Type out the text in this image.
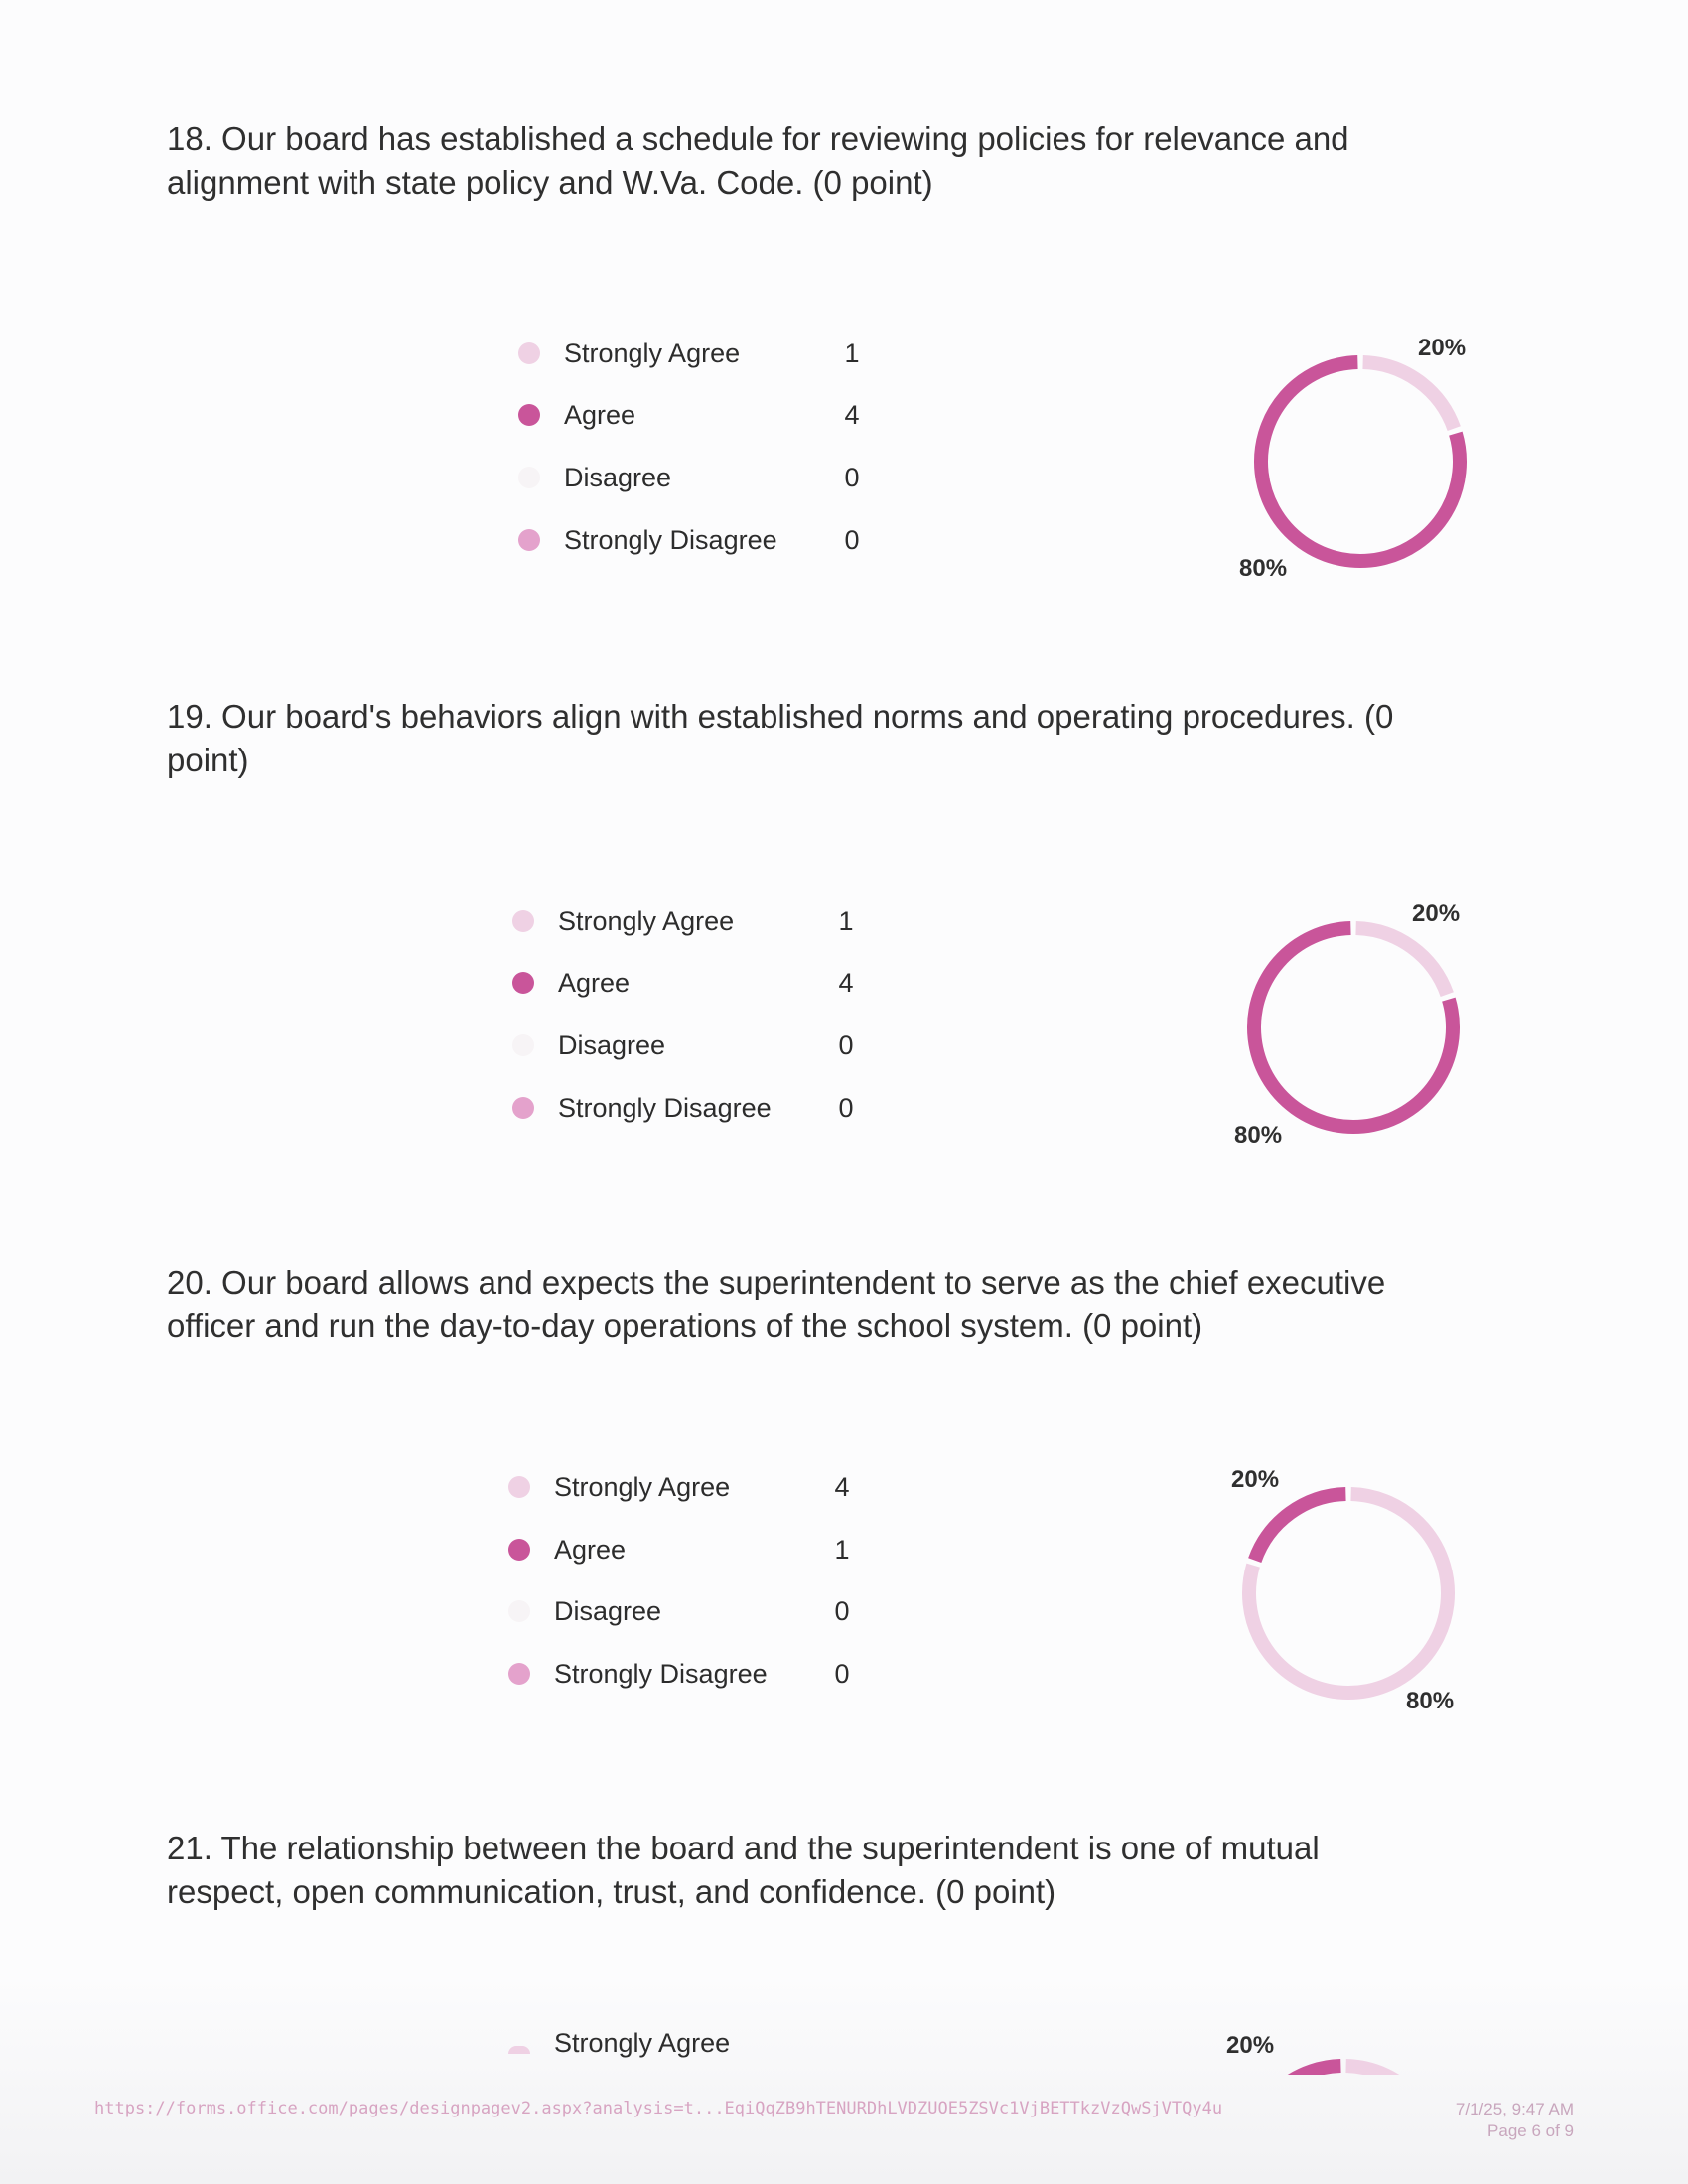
18. Our board has established a schedule for reviewing policies for relevance and alignment with state policy and W.Va. Code. (0 point)

Strongly Agree	1
Agree	4
Disagree	0
Strongly Disagree	0
20%
80%

19. Our board's behaviors align with established norms and operating procedures. (0 point)

Strongly Agree	1
Agree	4
Disagree	0
Strongly Disagree	0
20%
80%

20. Our board allows and expects the superintendent to serve as the chief executive officer and run the day-to-day operations of the school system. (0 point)

Strongly Agree	4
Agree	1
Disagree	0
Strongly Disagree	0
20%
80%

21. The relationship between the board and the superintendent is one of mutual respect, open communication, trust, and confidence. (0 point)

Strongly Agree	20%
https://forms.office.com/pages/designpagev2.aspx?analysis=t...EqiQqZB9hTENURDhLVDZUOE5ZSVc1VjBETTkzVzQwSjVTQy4u	7/1/25, 9:47 AM
Page 6 of 9
